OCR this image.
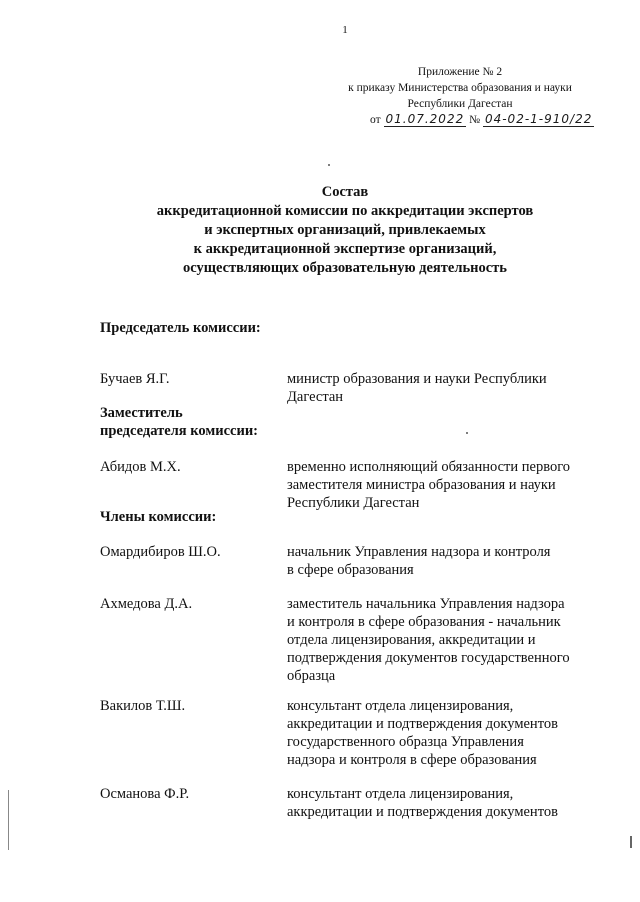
1
Приложение № 2
к приказу Министерства образования и науки
Республики Дагестан
от 01.07.2022 № 04-02-1-910/22
Состав
аккредитационной комиссии по аккредитации экспертов
и экспертных организаций, привлекаемых
к аккредитационной экспертизе организаций,
осуществляющих образовательную деятельность
Председатель комиссии:
Бучаев Я.Г.	министр образования и науки Республики
Дагестан
Заместитель
председателя комиссии:
Абидов М.Х.	временно исполняющий обязанности первого
заместителя министра образования и науки
Республики Дагестан
Члены комиссии:
Омардибиров Ш.О.	начальник Управления надзора и контроля
в сфере образования
Ахмедова Д.А.	заместитель начальника Управления надзора
и контроля в сфере образования - начальник
отдела лицензирования, аккредитации и
подтверждения документов государственного
образца
Вакилов Т.Ш.	консультант отдела лицензирования,
аккредитации и подтверждения документов
государственного образца Управления
надзора и контроля в сфере образования
Османова Ф.Р.	консультант отдела лицензирования,
аккредитации и подтверждения документов
